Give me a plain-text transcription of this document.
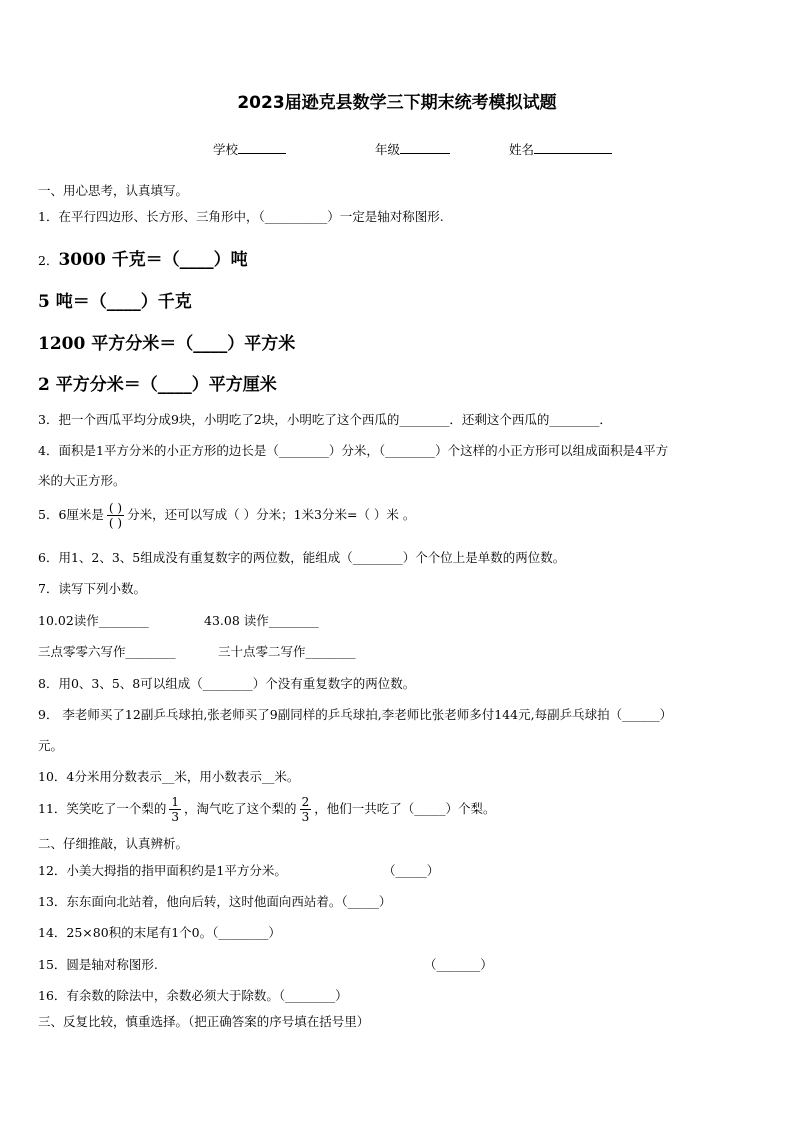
2023届逊克县数学三下期末统考模拟试题
学校	年级	姓名
一、用心思考，认真填写。
1．在平行四边形、长方形、三角形中，（__________）一定是轴对称图形.
2．3000 千克＝（____）吨
5 吨＝（____）千克
1200 平方分米＝（____）平方米
2 平方分米＝（____）平方厘米
3．把一个西瓜平均分成9块，小明吃了2块，小明吃了这个西瓜的________．还剩这个西瓜的________．
4．面积是1平方分米的小正方形的边长是（________）分米，（________）个这样的小正方形可以组成面积是4平方
米的大正方形。
5．6厘米是 $\frac{( )}{( )}$ 分米，还可以写成（ ）分米；1米3分米=（ ）米 。
6．用1、2、3、5组成没有重复数字的两位数，能组成（________）个个位上是单数的两位数。
7．读写下列小数。
10.02读作________	43.08 读作________
三点零零六写作________	三十点零二写作________
8．用0、3、5、8可以组成（________）个没有重复数字的两位数。
9． 李老师买了12副乒乓球拍,张老师买了9副同样的乒乓球拍,李老师比张老师多付144元,每副乒乓球拍（______）
元。
10．4分米用分数表示__米，用小数表示__米。
11．笑笑吃了一个梨的 $\frac{1}{3}$ ，淘气吃了这个梨的 $\frac{2}{3}$ ，他们一共吃了（_____）个梨。
二、仔细推敲，认真辨析。
12．小美大拇指的指甲面积约是1平方分米。	（_____）
13．东东面向北站着，他向后转，这时他面向西站着。（_____）
14．25×80积的末尾有1个0。（________）
15．圆是轴对称图形.	（_______）
16．有余数的除法中，余数必须大于除数。（________）
三、反复比较，慎重选择。（把正确答案的序号填在括号里）
